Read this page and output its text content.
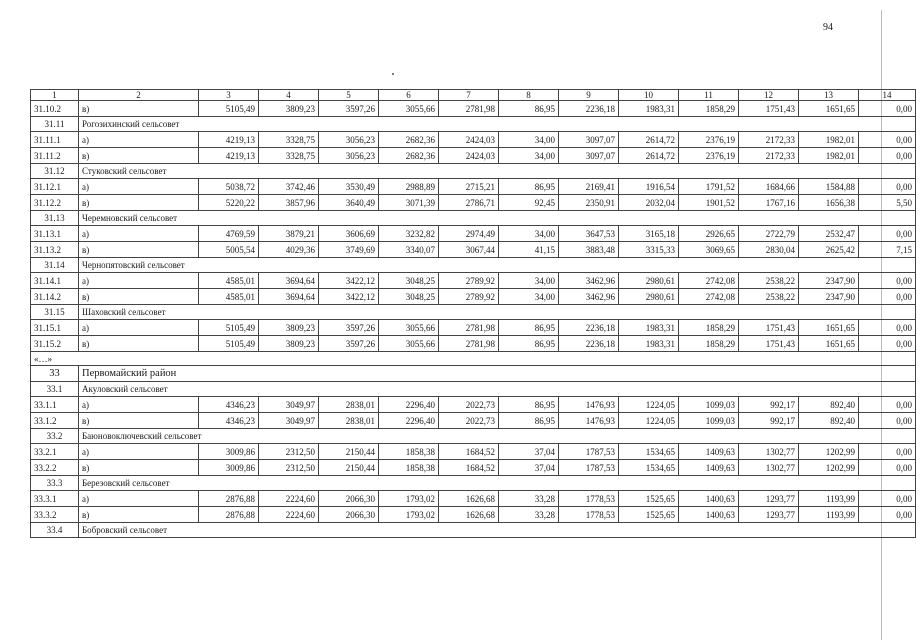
94
1	2	3	4	5	6	7	8	9	10	11	12	13	14
31.10.2	в)	5105,49	3809,23	3597,26	3055,66	2781,98	86,95	2236,18	1983,31	1858,29	1751,43	1651,65	0,00
31.11	Рогозихинский сельсовет												
31.11.1	а)	4219,13	3328,75	3056,23	2682,36	2424,03	34,00	3097,07	2614,72	2376,19	2172,33	1982,01	0,00
31.11.2	в)	4219,13	3328,75	3056,23	2682,36	2424,03	34,00	3097,07	2614,72	2376,19	2172,33	1982,01	0,00
31.12	Стуковский сельсовет												
31.12.1	а)	5038,72	3742,46	3530,49	2988,89	2715,21	86,95	2169,41	1916,54	1791,52	1684,66	1584,88	0,00
31.12.2	в)	5220,22	3857,96	3640,49	3071,39	2786,71	92,45	2350,91	2032,04	1901,52	1767,16	1656,38	5,50
31.13	Черемновский сельсовет												
31.13.1	а)	4769,59	3879,21	3606,69	3232,82	2974,49	34,00	3647,53	3165,18	2926,65	2722,79	2532,47	0,00
31.13.2	в)	5005,54	4029,36	3749,69	3340,07	3067,44	41,15	3883,48	3315,33	3069,65	2830,04	2625,42	7,15
31.14	Чернопятовский сельсовет												
31.14.1	а)	4585,01	3694,64	3422,12	3048,25	2789,92	34,00	3462,96	2980,61	2742,08	2538,22	2347,90	0,00
31.14.2	в)	4585,01	3694,64	3422,12	3048,25	2789,92	34,00	3462,96	2980,61	2742,08	2538,22	2347,90	0,00
31.15	Шаховский сельсовет												
31.15.1	а)	5105,49	3809,23	3597,26	3055,66	2781,98	86,95	2236,18	1983,31	1858,29	1751,43	1651,65	0,00
31.15.2	в)	5105,49	3809,23	3597,26	3055,66	2781,98	86,95	2236,18	1983,31	1858,29	1751,43	1651,65	0,00
«…»													
33	Первомайский район												
33.1	Акуловский сельсовет												
33.1.1	а)	4346,23	3049,97	2838,01	2296,40	2022,73	86,95	1476,93	1224,05	1099,03	992,17	892,40	0,00
33.1.2	в)	4346,23	3049,97	2838,01	2296,40	2022,73	86,95	1476,93	1224,05	1099,03	992,17	892,40	0,00
33.2	Баюновоключевский сельсовет												
33.2.1	а)	3009,86	2312,50	2150,44	1858,38	1684,52	37,04	1787,53	1534,65	1409,63	1302,77	1202,99	0,00
33.2.2	в)	3009,86	2312,50	2150,44	1858,38	1684,52	37,04	1787,53	1534,65	1409,63	1302,77	1202,99	0,00
33.3	Березовский сельсовет												
33.3.1	а)	2876,88	2224,60	2066,30	1793,02	1626,68	33,28	1778,53	1525,65	1400,63	1293,77	1193,99	0,00
33.3.2	в)	2876,88	2224,60	2066,30	1793,02	1626,68	33,28	1778,53	1525,65	1400,63	1293,77	1193,99	0,00
33.4	Бобровский сельсовет												
